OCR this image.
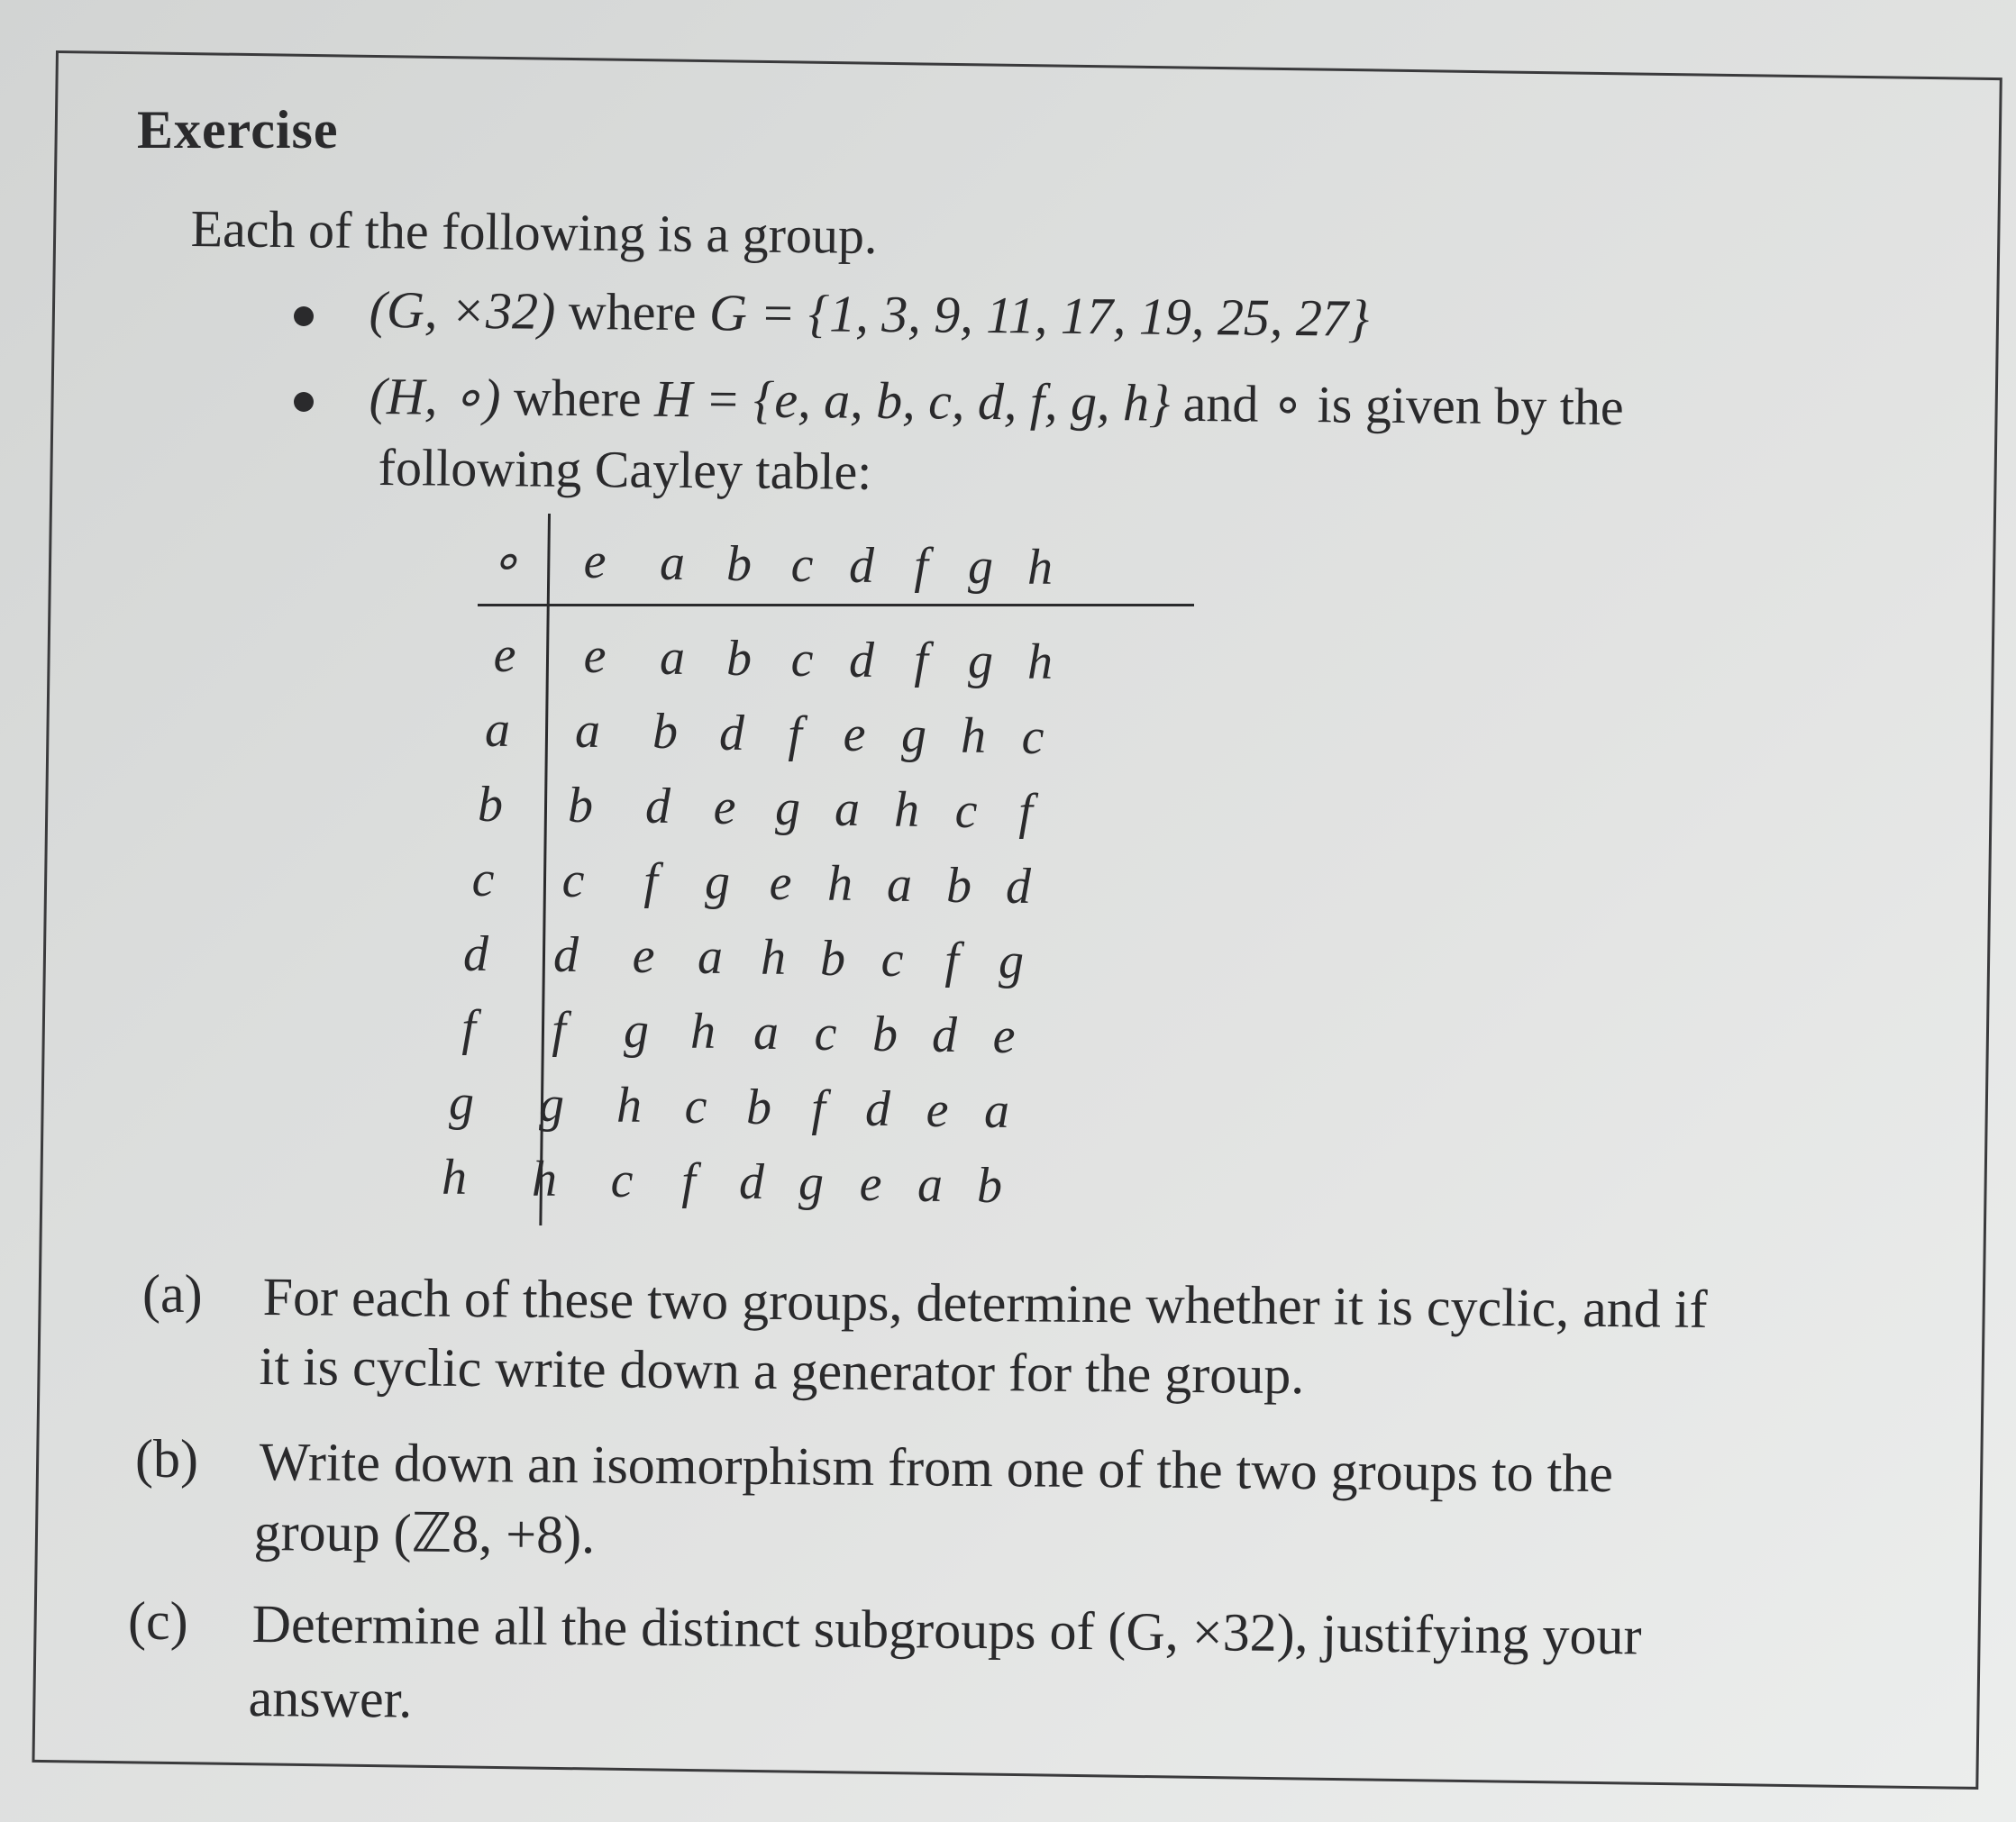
Exercise
Each of the following is a group.
(G, ×32) where G = {1, 3, 9, 11, 17, 19, 25, 27}
(H, ∘) where H = {e, a, b, c, d, f, g, h} and ∘ is given by the
following Cayley table:
∘	e	a b c d f g h
e	e	a b c d f g h
a a b d f e g h c
b b d e g a h c f
c	c	f g e h a b d
d d	e a h b c f g
f	f	g h a c b d e
g g h c b f d e a
h h	c f d g e a b
(a) For each of these two groups, determine whether it is cyclic, and if
it is cyclic write down a generator for the group.
(b) Write down an isomorphism from one of the two groups to the
group (ℤ8, +8).
(c) Determine all the distinct subgroups of (G, ×32), justifying your
answer.
